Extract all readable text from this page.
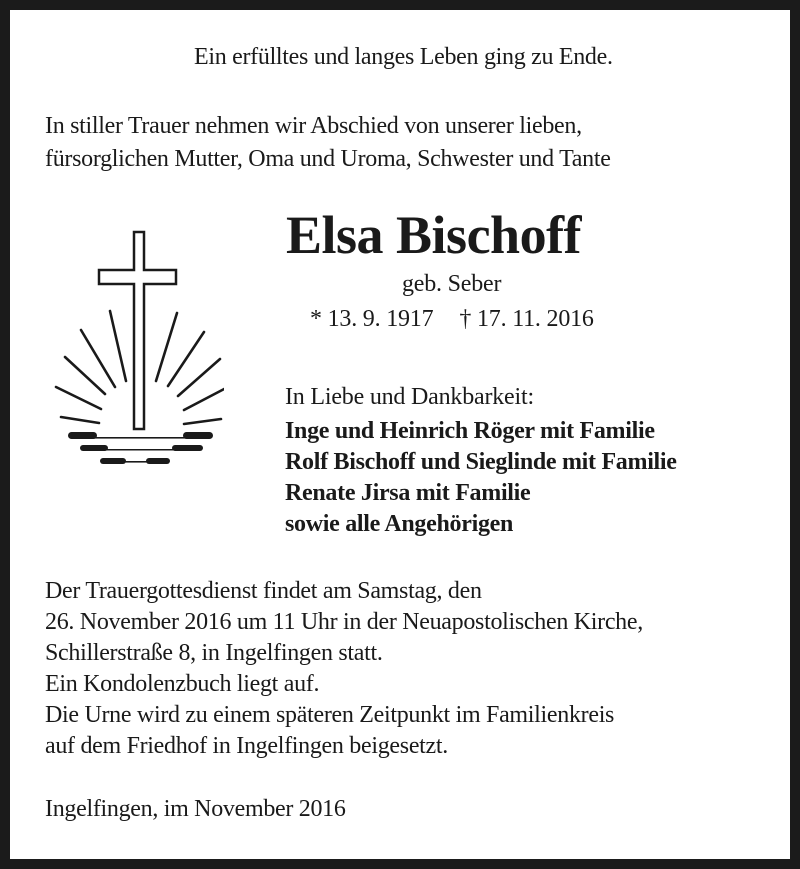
Ein erfülltes und langes Leben ging zu Ende.
In stiller Trauer nehmen wir Abschied von unserer lieben,
fürsorglichen Mutter, Oma und Uroma, Schwester und Tante
Elsa Bischoff
geb. Seber
* 13. 9. 1917 † 17. 11. 2016
In Liebe und Dankbarkeit:
Inge und Heinrich Röger mit Familie
Rolf Bischoff und Sieglinde mit Familie
Renate Jirsa mit Familie
sowie alle Angehörigen
Der Trauergottesdienst findet am Samstag, den
26. November 2016 um 11 Uhr in der Neuapostolischen Kirche,
Schillerstraße 8, in Ingelfingen statt.
Ein Kondolenzbuch liegt auf.
Die Urne wird zu einem späteren Zeitpunkt im Familienkreis
auf dem Friedhof in Ingelfingen beigesetzt.
Ingelfingen, im November 2016
